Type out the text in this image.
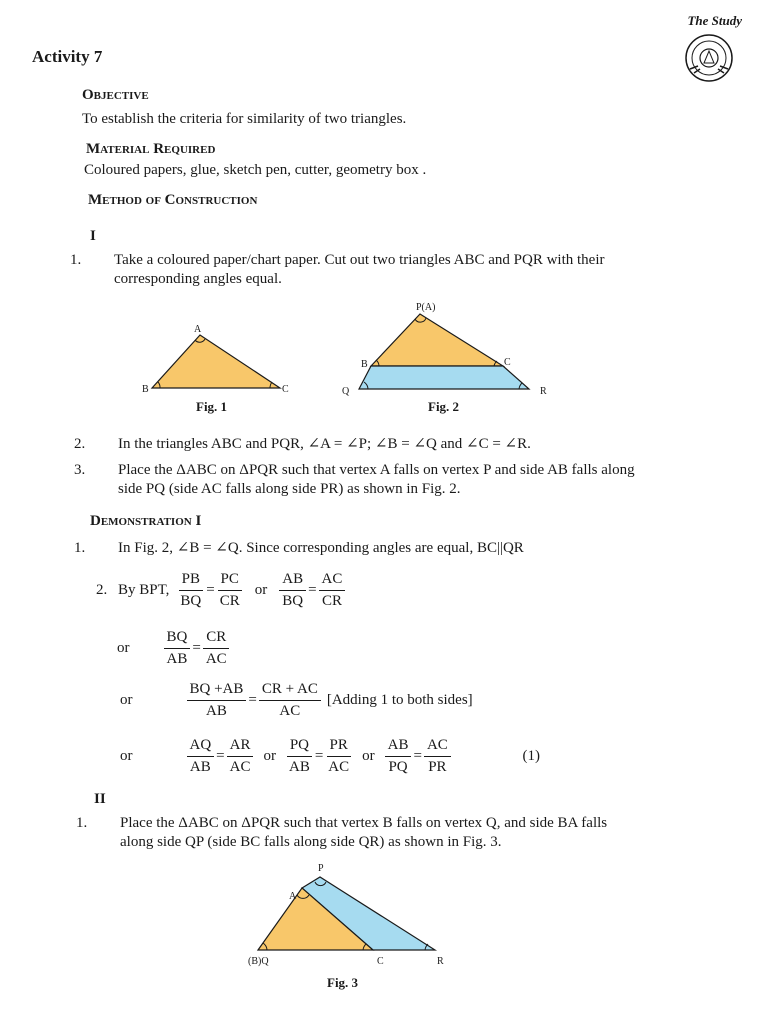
The Study
Activity 7
Objective
To establish the criteria for similarity of two triangles.
Material Required
Coloured papers, glue, sketch pen, cutter, geometry box .
Method of Construction
I
1. Take a coloured paper/chart paper. Cut out two triangles ABC and PQR with their corresponding angles equal.
A
B	C
Fig. 1
P(A)
B	C
Q	R
Fig. 2
2. In the triangles ABC and PQR, ∠A = ∠P; ∠B = ∠Q and ∠C = ∠R.
3. Place the ΔABC on ΔPQR such that vertex A falls on vertex P and side AB falls along side PQ (side AC falls along side PR) as shown in Fig. 2.
Demonstration I
1. In Fig. 2, ∠B = ∠Q. Since corresponding angles are equal, BC||QR
2. By BPT, $\frac{PB}{BQ} = \frac{PC}{CR}$ or $\frac{AB}{BQ} = \frac{AC}{CR}$
or $\frac{BQ}{AB} = \frac{CR}{AC}$
or	$\frac{BQ +AB}{AB} = \frac{CR + AC}{AC}$ [Adding 1 to both sides]
or	$\frac{AQ}{AB} = \frac{AR}{AC}$ or $\frac{PQ}{AB} = \frac{PR}{AC}$ or $\frac{AB}{PQ} = \frac{AC}{PR}$	(1)
II
1. Place the ΔABC on ΔPQR such that vertex B falls on vertex Q, and side BA falls along side QP (side BC falls along side QR) as shown in Fig. 3.
P
A
(B)Q	C	R
Fig. 3
